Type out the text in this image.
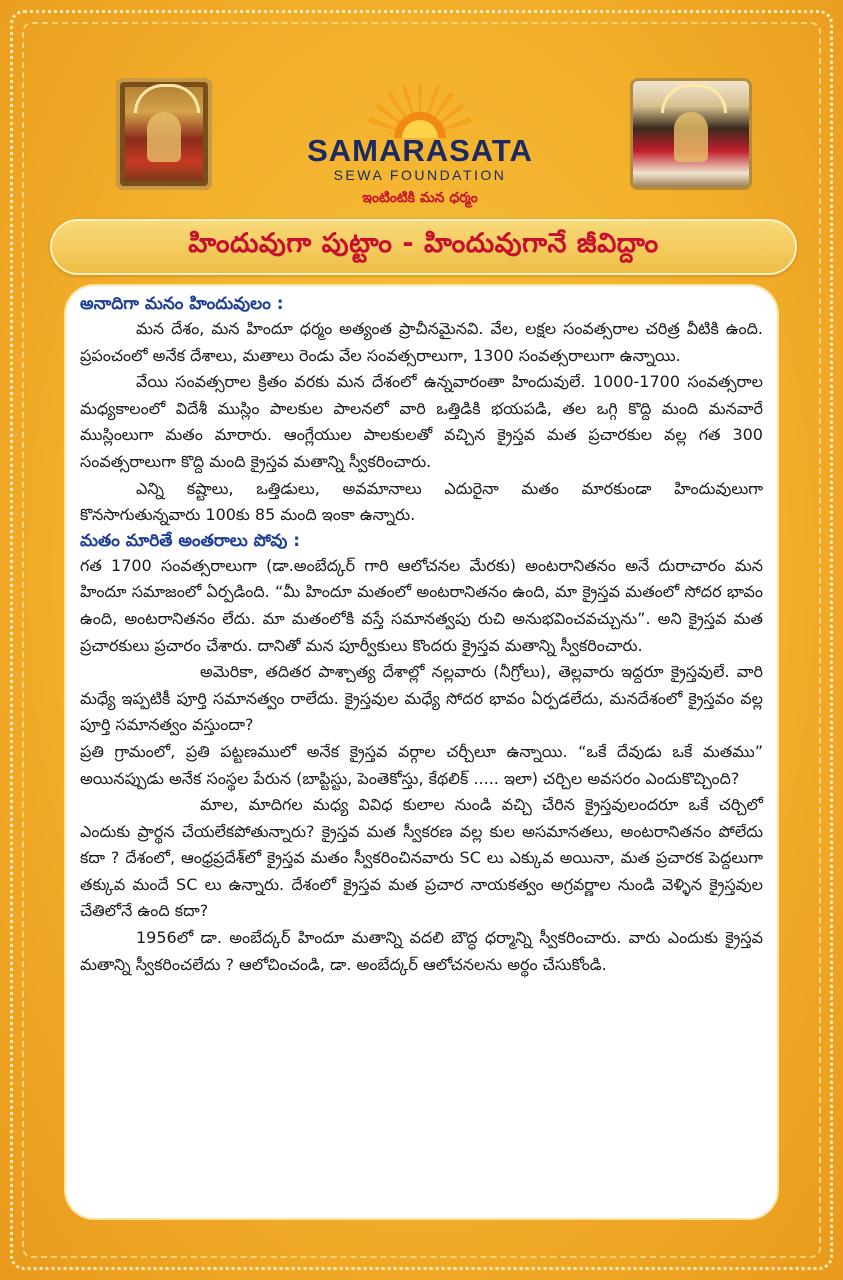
SAMARASATA
SEWA FOUNDATION
ఇంటింటికి మన ధర్మం
హిందువుగా పుట్టాం - హిందువుగానే జీవిద్దాం

అనాదిగా మనం హిందువులం :

మన దేశం, మన హిందూ ధర్మం అత్యంత ప్రాచీనమైనవి. వేల, లక్షల సంవత్సరాల చరిత్ర వీటికి ఉంది. ప్రపంచంలో అనేక దేశాలు, మతాలు రెండు వేల సంవత్సరాలుగా, 1300 సంవత్సరాలుగా ఉన్నాయి.

వేయి సంవత్సరాల క్రితం వరకు మన దేశంలో ఉన్నవారంతా హిందువులే. 1000-1700 సంవత్సరాల మధ్యకాలంలో విదేశీ ముస్లిం పాలకుల పాలనలో వారి ఒత్తిడికి భయపడి, తల ఒగ్గి కొద్ది మంది మనవారే ముస్లింలుగా మతం మారారు. ఆంగ్లేయుల పాలకులతో వచ్చిన క్రైస్తవ మత ప్రచారకుల వల్ల గత 300 సంవత్సరాలుగా కొద్ది మంది క్రైస్తవ మతాన్ని స్వీకరించారు.

ఎన్ని కష్టాలు, ఒత్తిడులు, అవమానాలు ఎదురైనా మతం మారకుండా హిందువులుగా కొనసాగుతున్నవారు 100కు 85 మంది ఇంకా ఉన్నారు.

మతం మారితే అంతరాలు పోవు :

గత 1700 సంవత్సరాలుగా (డా.అంబేద్కర్ గారి ఆలోచనల మేరకు) అంటరానితనం అనే దురాచారం మన హిందూ సమాజంలో ఏర్పడింది. “మీ హిందూ మతంలో అంటరానితనం ఉంది, మా క్రైస్తవ మతంలో సోదర భావం ఉంది, అంటరానితనం లేదు. మా మతంలోకి వస్తే సమానత్వపు రుచి అనుభవించవచ్చును”. అని క్రైస్తవ మత ప్రచారకులు ప్రచారం చేశారు. దానితో మన పూర్వీకులు కొందరు క్రైస్తవ మతాన్ని స్వీకరించారు.

అమెరికా, తదితర పాశ్చాత్య దేశాల్లో నల్లవారు (నీగ్రోలు), తెల్లవారు ఇద్దరూ క్రైస్తవులే. వారి మధ్యే ఇప్పటికీ పూర్తి సమానత్వం రాలేదు. క్రైస్తవుల మధ్యే సోదర భావం ఏర్పడలేదు, మనదేశంలో క్రైస్తవం వల్ల పూర్తి సమానత్వం వస్తుందా?

ప్రతి గ్రామంలో, ప్రతి పట్టణములో అనేక క్రైస్తవ వర్గాల చర్చీలూ ఉన్నాయి. “ఒకే దేవుడు ఒకే మతము” అయినప్పుడు అనేక సంస్థల పేరున (బాప్టిస్టు, పెంతెకోస్తు, కేథలిక్ ..... ఇలా) చర్చిల అవసరం ఎందుకొచ్చింది?

మాల, మాదిగల మధ్య వివిధ కులాల నుండి వచ్చి చేరిన క్రైస్తవులందరూ ఒకే చర్చిలో ఎందుకు ప్రార్థన చేయలేకపోతున్నారు? క్రైస్తవ మత స్వీకరణ వల్ల కుల అసమానతలు, అంటరానితనం పోలేదు కదా ? దేశంలో, ఆంధ్రప్రదేశ్‌లో క్రైస్తవ మతం స్వీకరించినవారు SC లు ఎక్కువ అయినా, మత ప్రచారక పెద్దలుగా తక్కువ మందే SC లు ఉన్నారు. దేశంలో క్రైస్తవ మత ప్రచార నాయకత్వం అగ్రవర్ణాల నుండి వెళ్ళిన క్రైస్తవుల చేతిలోనే ఉంది కదా?

1956లో డా. అంబేద్కర్ హిందూ మతాన్ని వదలి బౌద్ధ ధర్మాన్ని స్వీకరించారు. వారు ఎందుకు క్రైస్తవ మతాన్ని స్వీకరించలేదు ? ఆలోచించండి, డా. అంబేద్కర్ ఆలోచనలను అర్థం చేసుకోండి.
